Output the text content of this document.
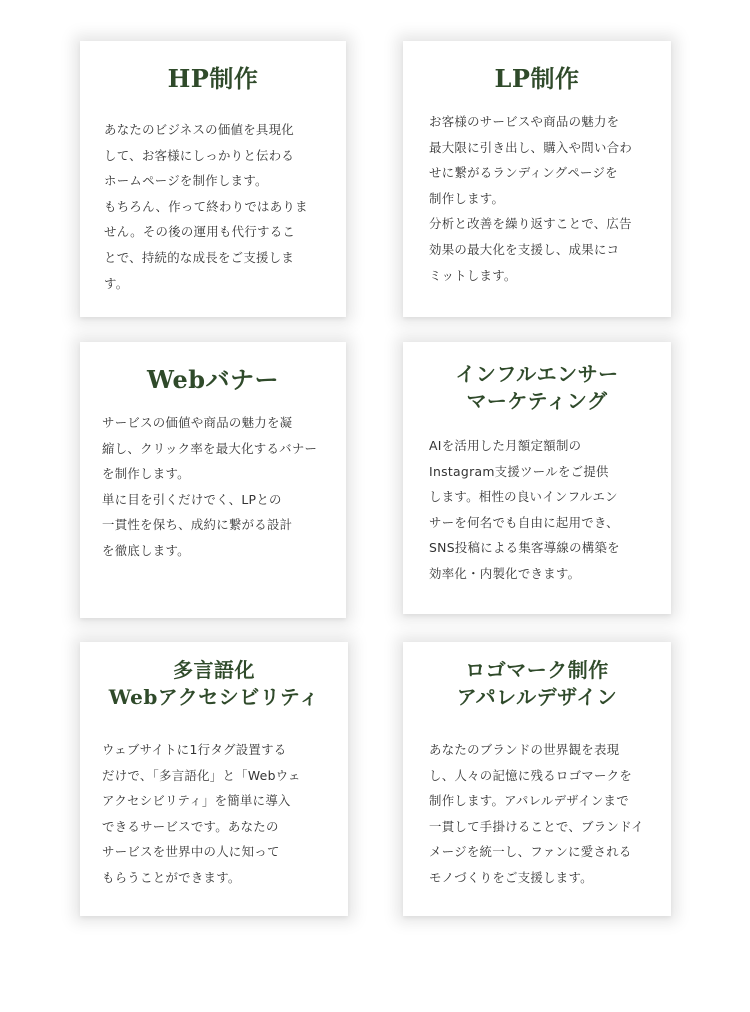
HP制作

あなたのビジネスの価値を具現化
して、お客様にしっかりと伝わる
ホームページを制作します。
もちろん、作って終わりではありま
せん。その後の運用も代行するこ
とで、持続的な成長をご支援しま
す。

LP制作

お客様のサービスや商品の魅力を
最大限に引き出し、購入や問い合わ
せに繋がるランディングページを
制作します。
分析と改善を繰り返すことで、広告
効果の最大化を支援し、成果にコ
ミットします。

Webバナー

サービスの価値や商品の魅力を凝
縮し、クリック率を最大化するバナー
を制作します。
単に目を引くだけでく、LPとの
一貫性を保ち、成約に繋がる設計
を徹底します。

インフルエンサー
マーケティング

AIを活用した月額定額制の
Instagram支援ツールをご提供
します。相性の良いインフルエン
サーを何名でも自由に起用でき、
SNS投稿による集客導線の構築を
効率化・内製化できます。

多言語化
Webアクセシビリティ

ウェブサイトに1行タグ設置する
だけで、「多言語化」と「Webウェ
アクセシビリティ」を簡単に導入
できるサービスです。あなたの
サービスを世界中の人に知って
もらうことができます。

ロゴマーク制作
アパレルデザイン

あなたのブランドの世界観を表現
し、人々の記憶に残るロゴマークを
制作します。アパレルデザインまで
一貫して手掛けることで、ブランドイ
メージを統一し、ファンに愛される
モノづくりをご支援します。
